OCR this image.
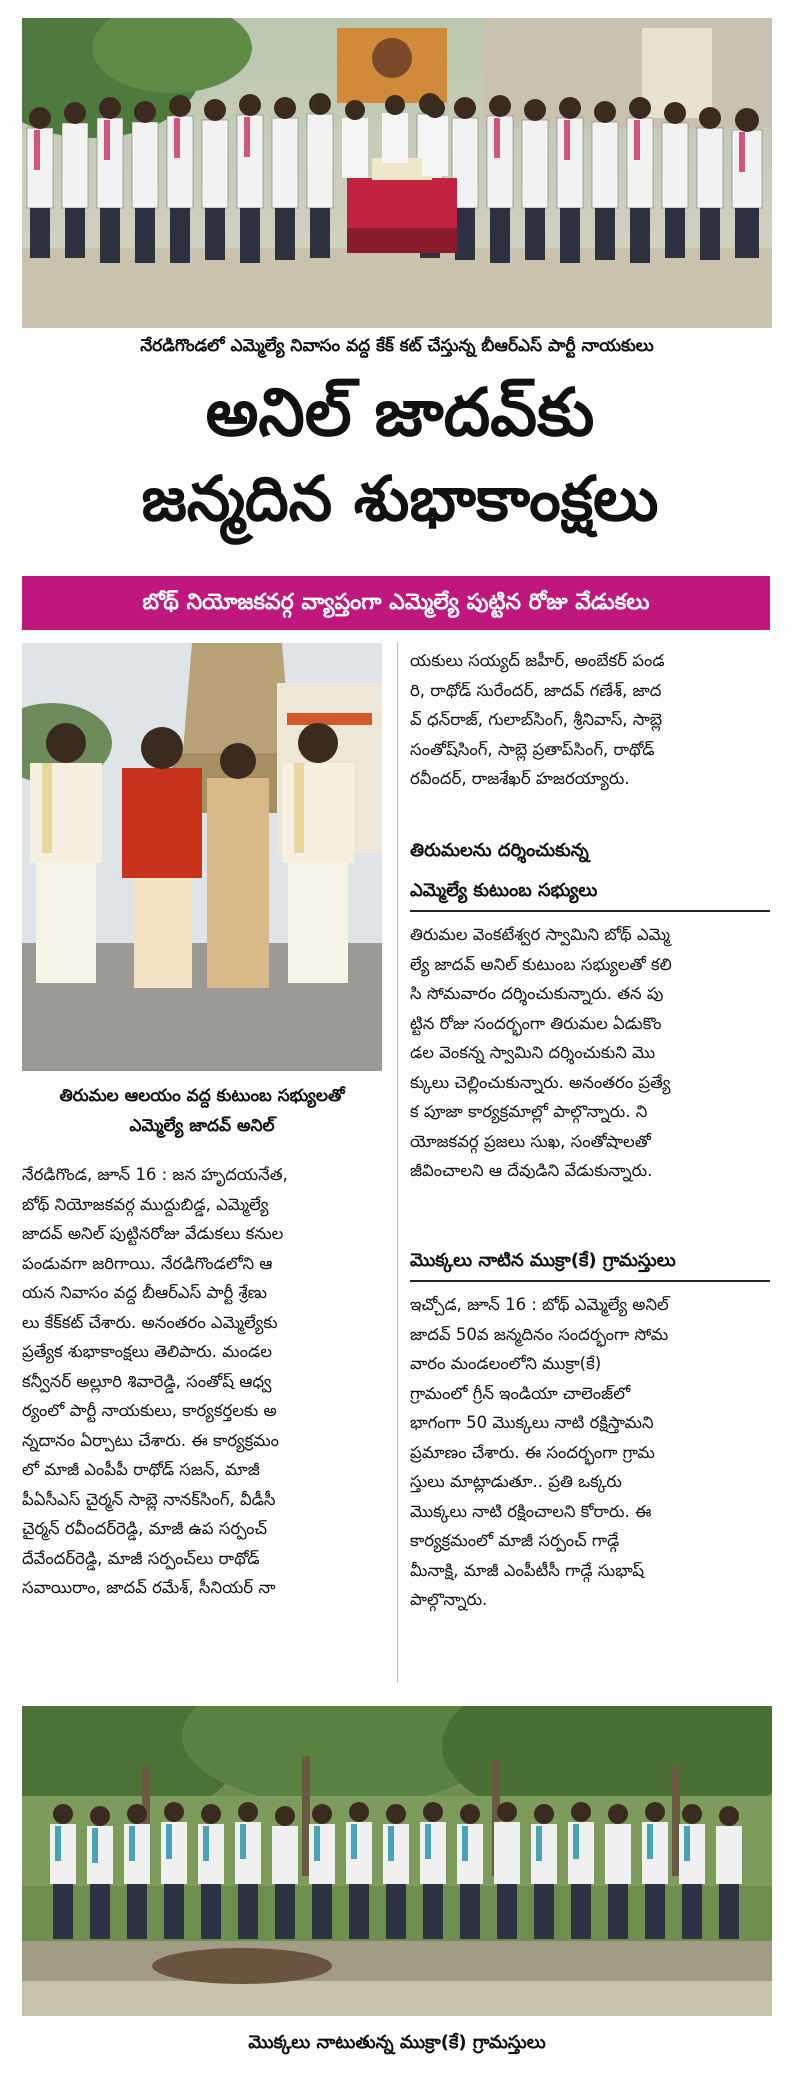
నేరడిగొండలో ఎమ్మెల్యే నివాసం వద్ద కేక్ కట్ చేస్తున్న బీఆర్ఎస్ పార్టీ నాయకులు
అనిల్ జాదవ్‌కు
జన్మదిన శుభాకాంక్షలు
బోథ్ నియోజకవర్గ వ్యాప్తంగా ఎమ్మెల్యే పుట్టిన రోజు వేడుకలు
తిరుమల ఆలయం వద్ద కుటుంబ సభ్యులతో
ఎమ్మెల్యే జాదవ్ అనిల్

నేరడిగొండ, జూన్ 16 : జన హృదయనేత,

బోథ్ నియోజకవర్గ ముద్దుబిడ్డ, ఎమ్మెల్యే

జాదవ్ అనిల్ పుట్టినరోజు వేడుకలు కనుల

పండువగా జరిగాయి. నేరడిగొండలోని ఆ

యన నివాసం వద్ద బీఆర్ఎస్ పార్టీ శ్రేణు

లు కేక్‌కట్ చేశారు. అనంతరం ఎమ్మెల్యేకు

ప్రత్యేక శుభాకాంక్షలు తెలిపారు. మండల

కన్వీనర్ అల్లూరి శివారెడ్డి, సంతోష్ ఆధ్వ

ర్యంలో పార్టీ నాయకులు, కార్యకర్తలకు అ

న్నదానం ఏర్పాటు చేశారు. ఈ కార్యక్రమం

లో మాజీ ఎంపీపీ రాథోడ్ సజన్, మాజీ

పీఏసీఎస్ చైర్మన్ సాబ్లె నానక్‌సింగ్, వీడీసీ

చైర్మన్ రవీందర్‌రెడ్డి, మాజీ ఉప సర్పంచ్

దేవేందర్‌రెడ్డి, మాజీ సర్పంచ్‌లు రాథోడ్

సవాయిరాం, జాదవ్ రమేశ్, సీనియర్ నా

యకులు సయ్యద్ జహీర్, అంబేకర్ పండ

రి, రాథోడ్ సురేందర్, జాదవ్ గణేశ్, జాద

వ్ ధన్‌రాజ్, గులాబ్‌సింగ్, శ్రీనివాస్, సాబ్లె

సంతోష్‌సింగ్, సాబ్లె ప్రతాప్‌సింగ్, రాథోడ్

రవీందర్, రాజశేఖర్ హజరయ్యారు.

తిరుమలను దర్శించుకున్న
ఎమ్మెల్యే కుటుంబ సభ్యులు

తిరుమల వెంకటేశ్వర స్వామిని బోథ్ ఎమ్మె

ల్యే జాదవ్ అనిల్ కుటుంబ సభ్యులతో కలి

సి సోమవారం దర్శించుకున్నారు. తన పు

ట్టిన రోజు సందర్భంగా తిరుమల ఏడుకొం

డల వెంకన్న స్వామిని దర్శించుకుని మొ

క్కులు చెల్లించుకున్నారు. అనంతరం ప్రత్యే

క పూజా కార్యక్రమాల్లో పాల్గొన్నారు. ని

యోజకవర్గ ప్రజలు సుఖ, సంతోషాలతో

జీవించాలని ఆ దేవుడిని వేడుకున్నారు.

మొక్కలు నాటిన ముక్రా(కే) గ్రామస్తులు

ఇచ్చోడ, జూన్ 16 : బోథ్ ఎమ్మెల్యే అనిల్

జాదవ్ 50వ జన్మదినం సందర్భంగా సోమ

వారం మండలంలోని ముక్రా(కే)

గ్రామంలో గ్రీన్ ఇండియా చాలెంజ్‌లో

భాగంగా 50 మొక్కలు నాటి రక్షిస్తామని

ప్రమాణం చేశారు. ఈ సందర్భంగా గ్రామ

స్తులు మాట్లాడుతూ.. ప్రతి ఒక్కరు

మొక్కలు నాటి రక్షించాలని కోరారు. ఈ

కార్యక్రమంలో మాజీ సర్పంచ్ గాడ్గే

మీనాక్షి, మాజీ ఎంపీటీసీ గాడ్గే సుభాష్

పాల్గొన్నారు.

మొక్కలు నాటుతున్న ముక్రా(కే) గ్రామస్తులు
